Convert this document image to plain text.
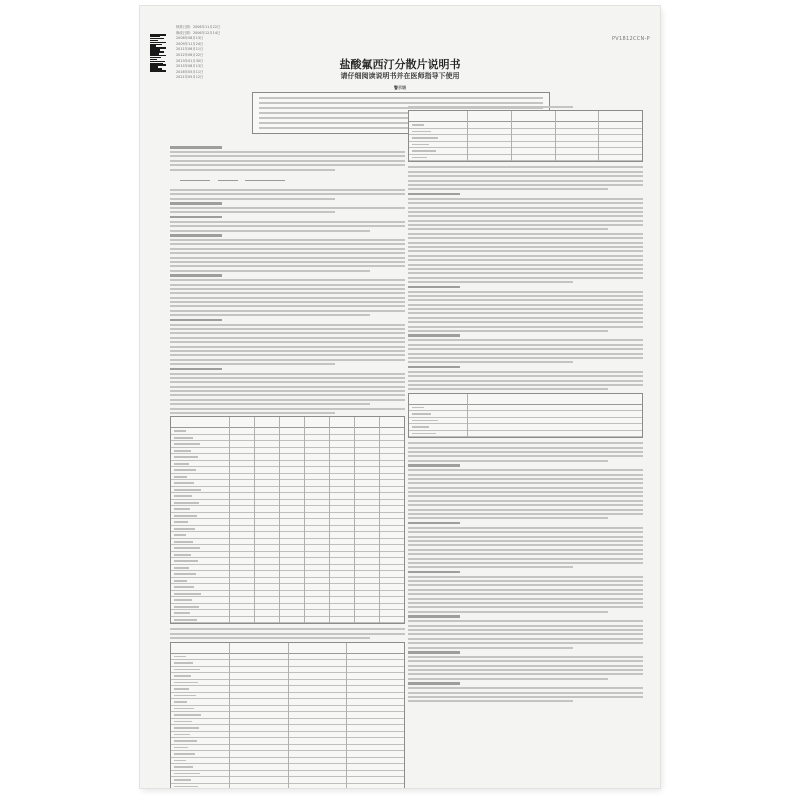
PV1812CCN-P
核准日期：2006年11月22日
修改日期：2006年12月14日
2008年08月13日
2009年11月24日
2011年06月11日
2012年06月22日
2013年01月30日
2015年08月13日
2016年05月11日
2021年05月12日
盐酸氟西汀分散片说明书
请仔细阅读说明书并在医师指导下使用
警示语
